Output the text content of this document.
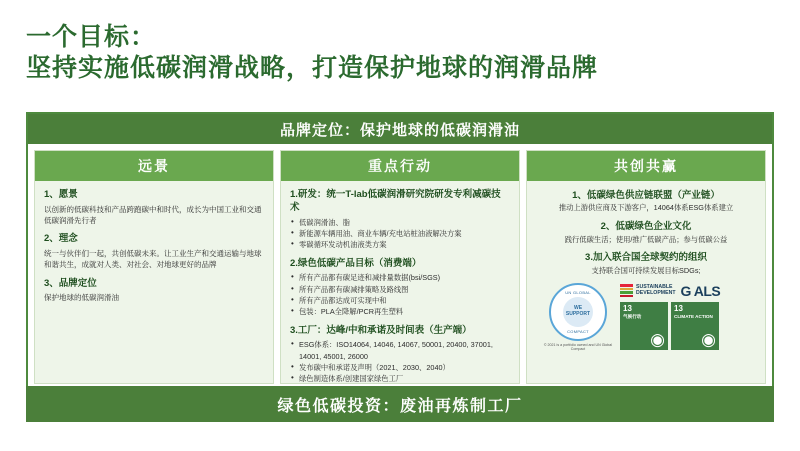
一个目标：
坚持实施低碳润滑战略，打造保护地球的润滑品牌
品牌定位：保护地球的低碳润滑油
远景
1、愿景
以创新的低碳科技和产品跨跑碳中和时代，成长为中国工业和交通低碳润滑先行者
2、理念
统一与伙伴们一起，共创低碳未来。让工业生产和交通运输与地球和谐共生，成就对人类、对社会、对地球更好的品牌
3、品牌定位
保护地球的低碳润滑油
重点行动
1.研发：统一T-lab低碳润滑研究院研发专利减碳技术
• 低碳润滑油、脂
• 新能源车辆用油、商业车辆/充电站桩油液解决方案
• 零碳循环发动机油液类方案
2.绿色低碳产品目标（消费端）
• 所有产品都有碳足迹和减排量数据(bsi/SGS)
• 所有产品都有碳减排策略及路线图
• 所有产品都达成可实现中和
• 包装：PLA全降解/PCR再生塑料
3.工厂：达峰/中和承诺及时间表（生产端）
• ESG体系：ISO14064, 14046, 14067, 50001, 20400, 37001, 14001, 45001, 26000
• 发布碳中和承诺及声明（2021、2030、2040）
• 绿色制造体系/创建国家绿色工厂
共创共赢
1、低碳绿色供应链联盟（产业链）
推动上游供应商及下游客户，14064体系ESG体系建立
2、低碳绿色企业文化
践行低碳生活；使用/推广低碳产品；参与低碳公益
3.加入联合国全球契约的组织
支持联合国可持续发展目标SDGs;
UN GLOBAL
WE SUPPORT
COMPACT
© 2021 is a portfolio owned and UN Global Compact
SUSTAINABLE
DEVELOPMENT G ALS
13
气候行动
◉
13
CLIMATE ACTION
◉
绿色低碳投资：废油再炼制工厂
